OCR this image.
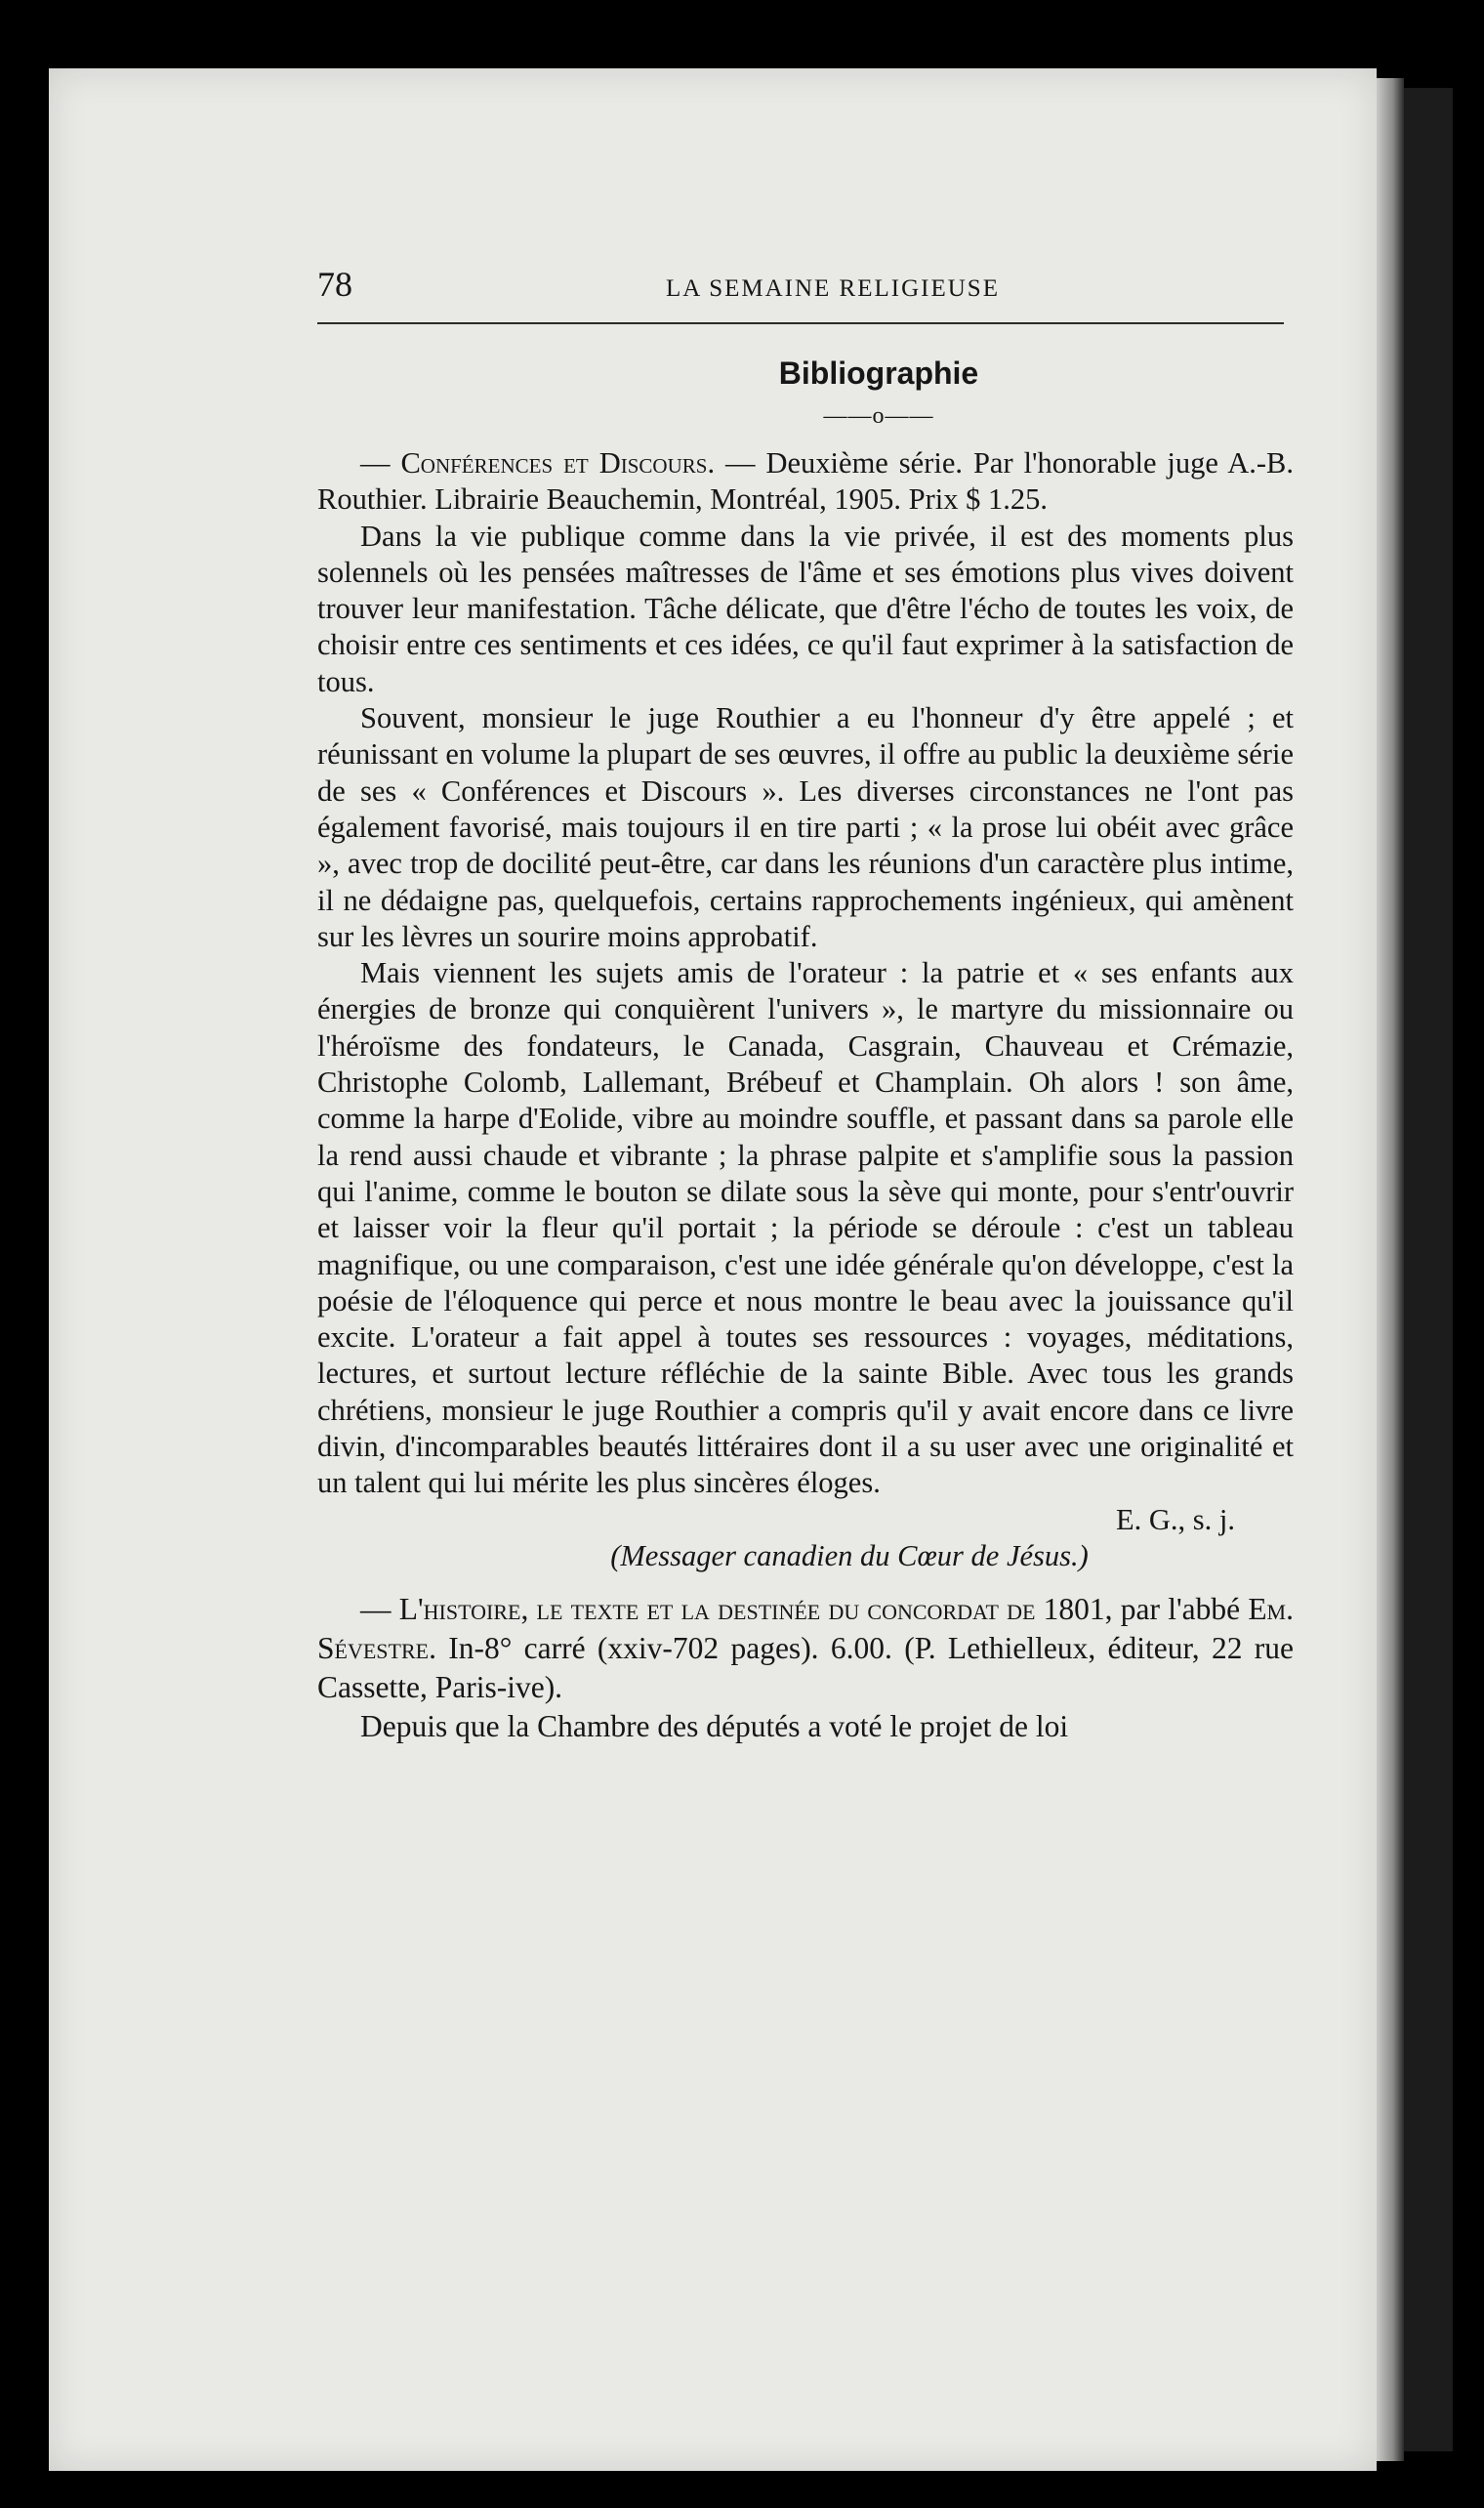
78	LA SEMAINE RELIGIEUSE
Bibliographie
——o——

— Conférences et Discours. — Deuxième série. Par l'honorable juge A.-B. Routhier. Librairie Beauchemin, Montréal, 1905. Prix $ 1.25.

Dans la vie publique comme dans la vie privée, il est des moments plus solennels où les pensées maîtresses de l'âme et ses émotions plus vives doivent trouver leur manifestation. Tâche délicate, que d'être l'écho de toutes les voix, de choisir entre ces sentiments et ces idées, ce qu'il faut exprimer à la satisfaction de tous.

Souvent, monsieur le juge Routhier a eu l'honneur d'y être appelé ; et réunissant en volume la plupart de ses œuvres, il offre au public la deuxième série de ses « Conférences et Discours ». Les diverses circonstances ne l'ont pas également favorisé, mais toujours il en tire parti ; « la prose lui obéit avec grâce », avec trop de docilité peut-être, car dans les réunions d'un caractère plus intime, il ne dédaigne pas, quelquefois, certains rapprochements ingénieux, qui amènent sur les lèvres un sourire moins approbatif.

Mais viennent les sujets amis de l'orateur : la patrie et « ses enfants aux énergies de bronze qui conquièrent l'univers », le martyre du missionnaire ou l'héroïsme des fondateurs, le Canada, Casgrain, Chauveau et Crémazie, Christophe Colomb, Lallemant, Brébeuf et Champlain. Oh alors ! son âme, comme la harpe d'Eolide, vibre au moindre souffle, et passant dans sa parole elle la rend aussi chaude et vibrante ; la phrase palpite et s'amplifie sous la passion qui l'anime, comme le bouton se dilate sous la sève qui monte, pour s'entr'ouvrir et laisser voir la fleur qu'il portait ; la période se déroule : c'est un tableau magnifique, ou une comparaison, c'est une idée générale qu'on développe, c'est la poésie de l'éloquence qui perce et nous montre le beau avec la jouissance qu'il excite. L'orateur a fait appel à toutes ses ressources : voyages, méditations, lectures, et surtout lecture réfléchie de la sainte Bible. Avec tous les grands chrétiens, monsieur le juge Routhier a compris qu'il y avait encore dans ce livre divin, d'incomparables beautés littéraires dont il a su user avec une originalité et un talent qui lui mérite les plus sincères éloges.

E. G., s. j.
(Messager canadien du Cœur de Jésus.)

— L'histoire, le texte et la destinée du concordat de 1801, par l'abbé Em. Sévestre. In-8° carré (xxiv-702 pages). 6.00. (P. Lethielleux, éditeur, 22 rue Cassette, Paris-ive).

Depuis que la Chambre des députés a voté le projet de loi
